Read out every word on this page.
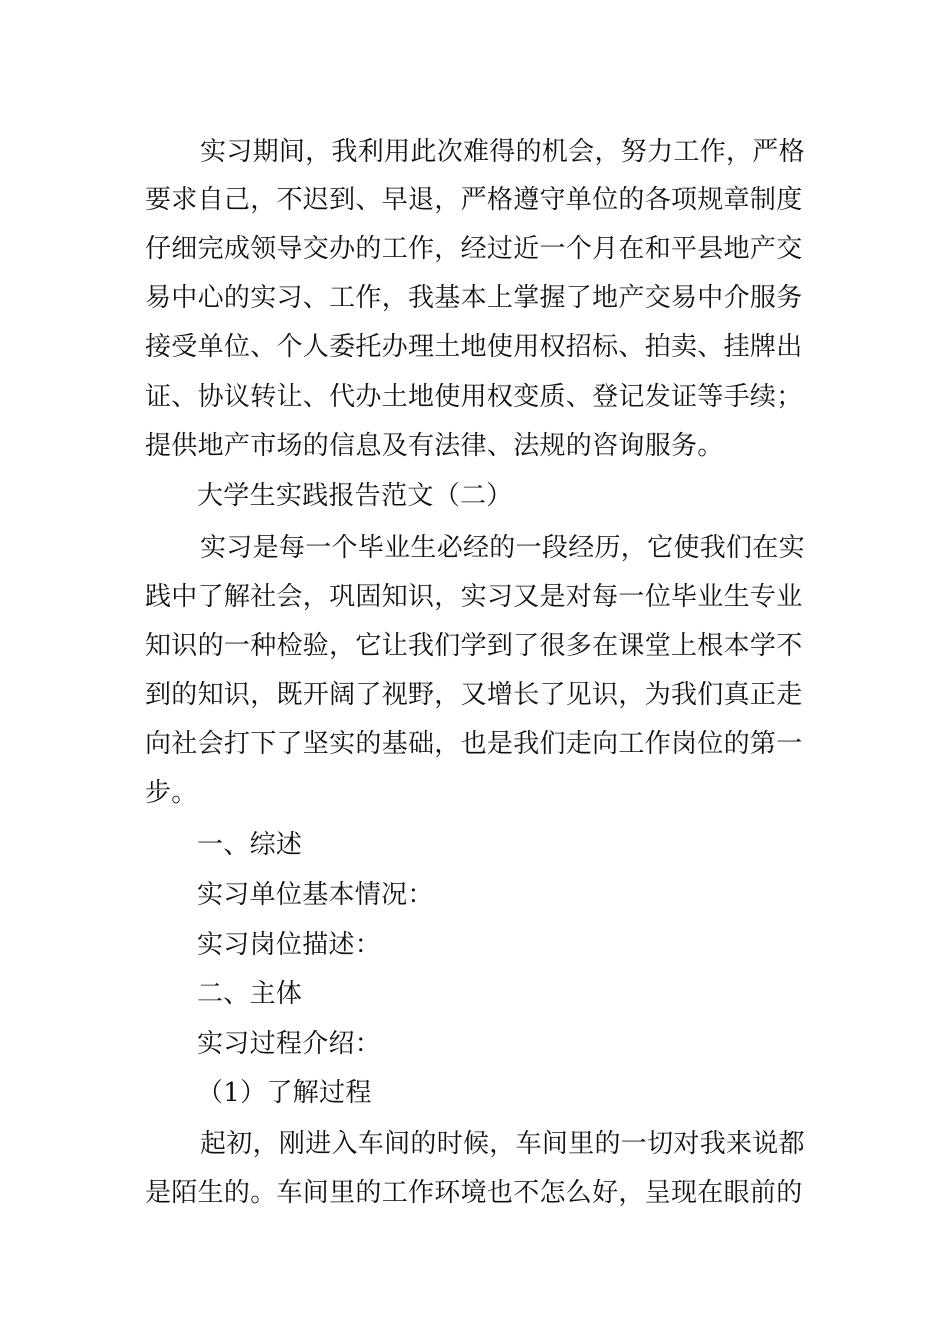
实习期间，我利用此次难得的机会，努力工作，严格
要求自己，不迟到、早退，严格遵守单位的各项规章制度
仔细完成领导交办的工作，经过近一个月在和平县地产交
易中心的实习、工作，我基本上掌握了地产交易中介服务
接受单位、个人委托办理土地使用权招标、拍卖、挂牌出
证、协议转让、代办土地使用权变质、登记发证等手续；
提供地产市场的信息及有法律、法规的咨询服务。
大学生实践报告范文（二）
实习是每一个毕业生必经的一段经历，它使我们在实
践中了解社会，巩固知识，实习又是对每一位毕业生专业
知识的一种检验，它让我们学到了很多在课堂上根本学不
到的知识，既开阔了视野，又增长了见识，为我们真正走
向社会打下了坚实的基础，也是我们走向工作岗位的第一
步。
一、综述
实习单位基本情况：
实习岗位描述：
二、主体
实习过程介绍：
（1）了解过程
起初，刚进入车间的时候，车间里的一切对我来说都
是陌生的。车间里的工作环境也不怎么好，呈现在眼前的
